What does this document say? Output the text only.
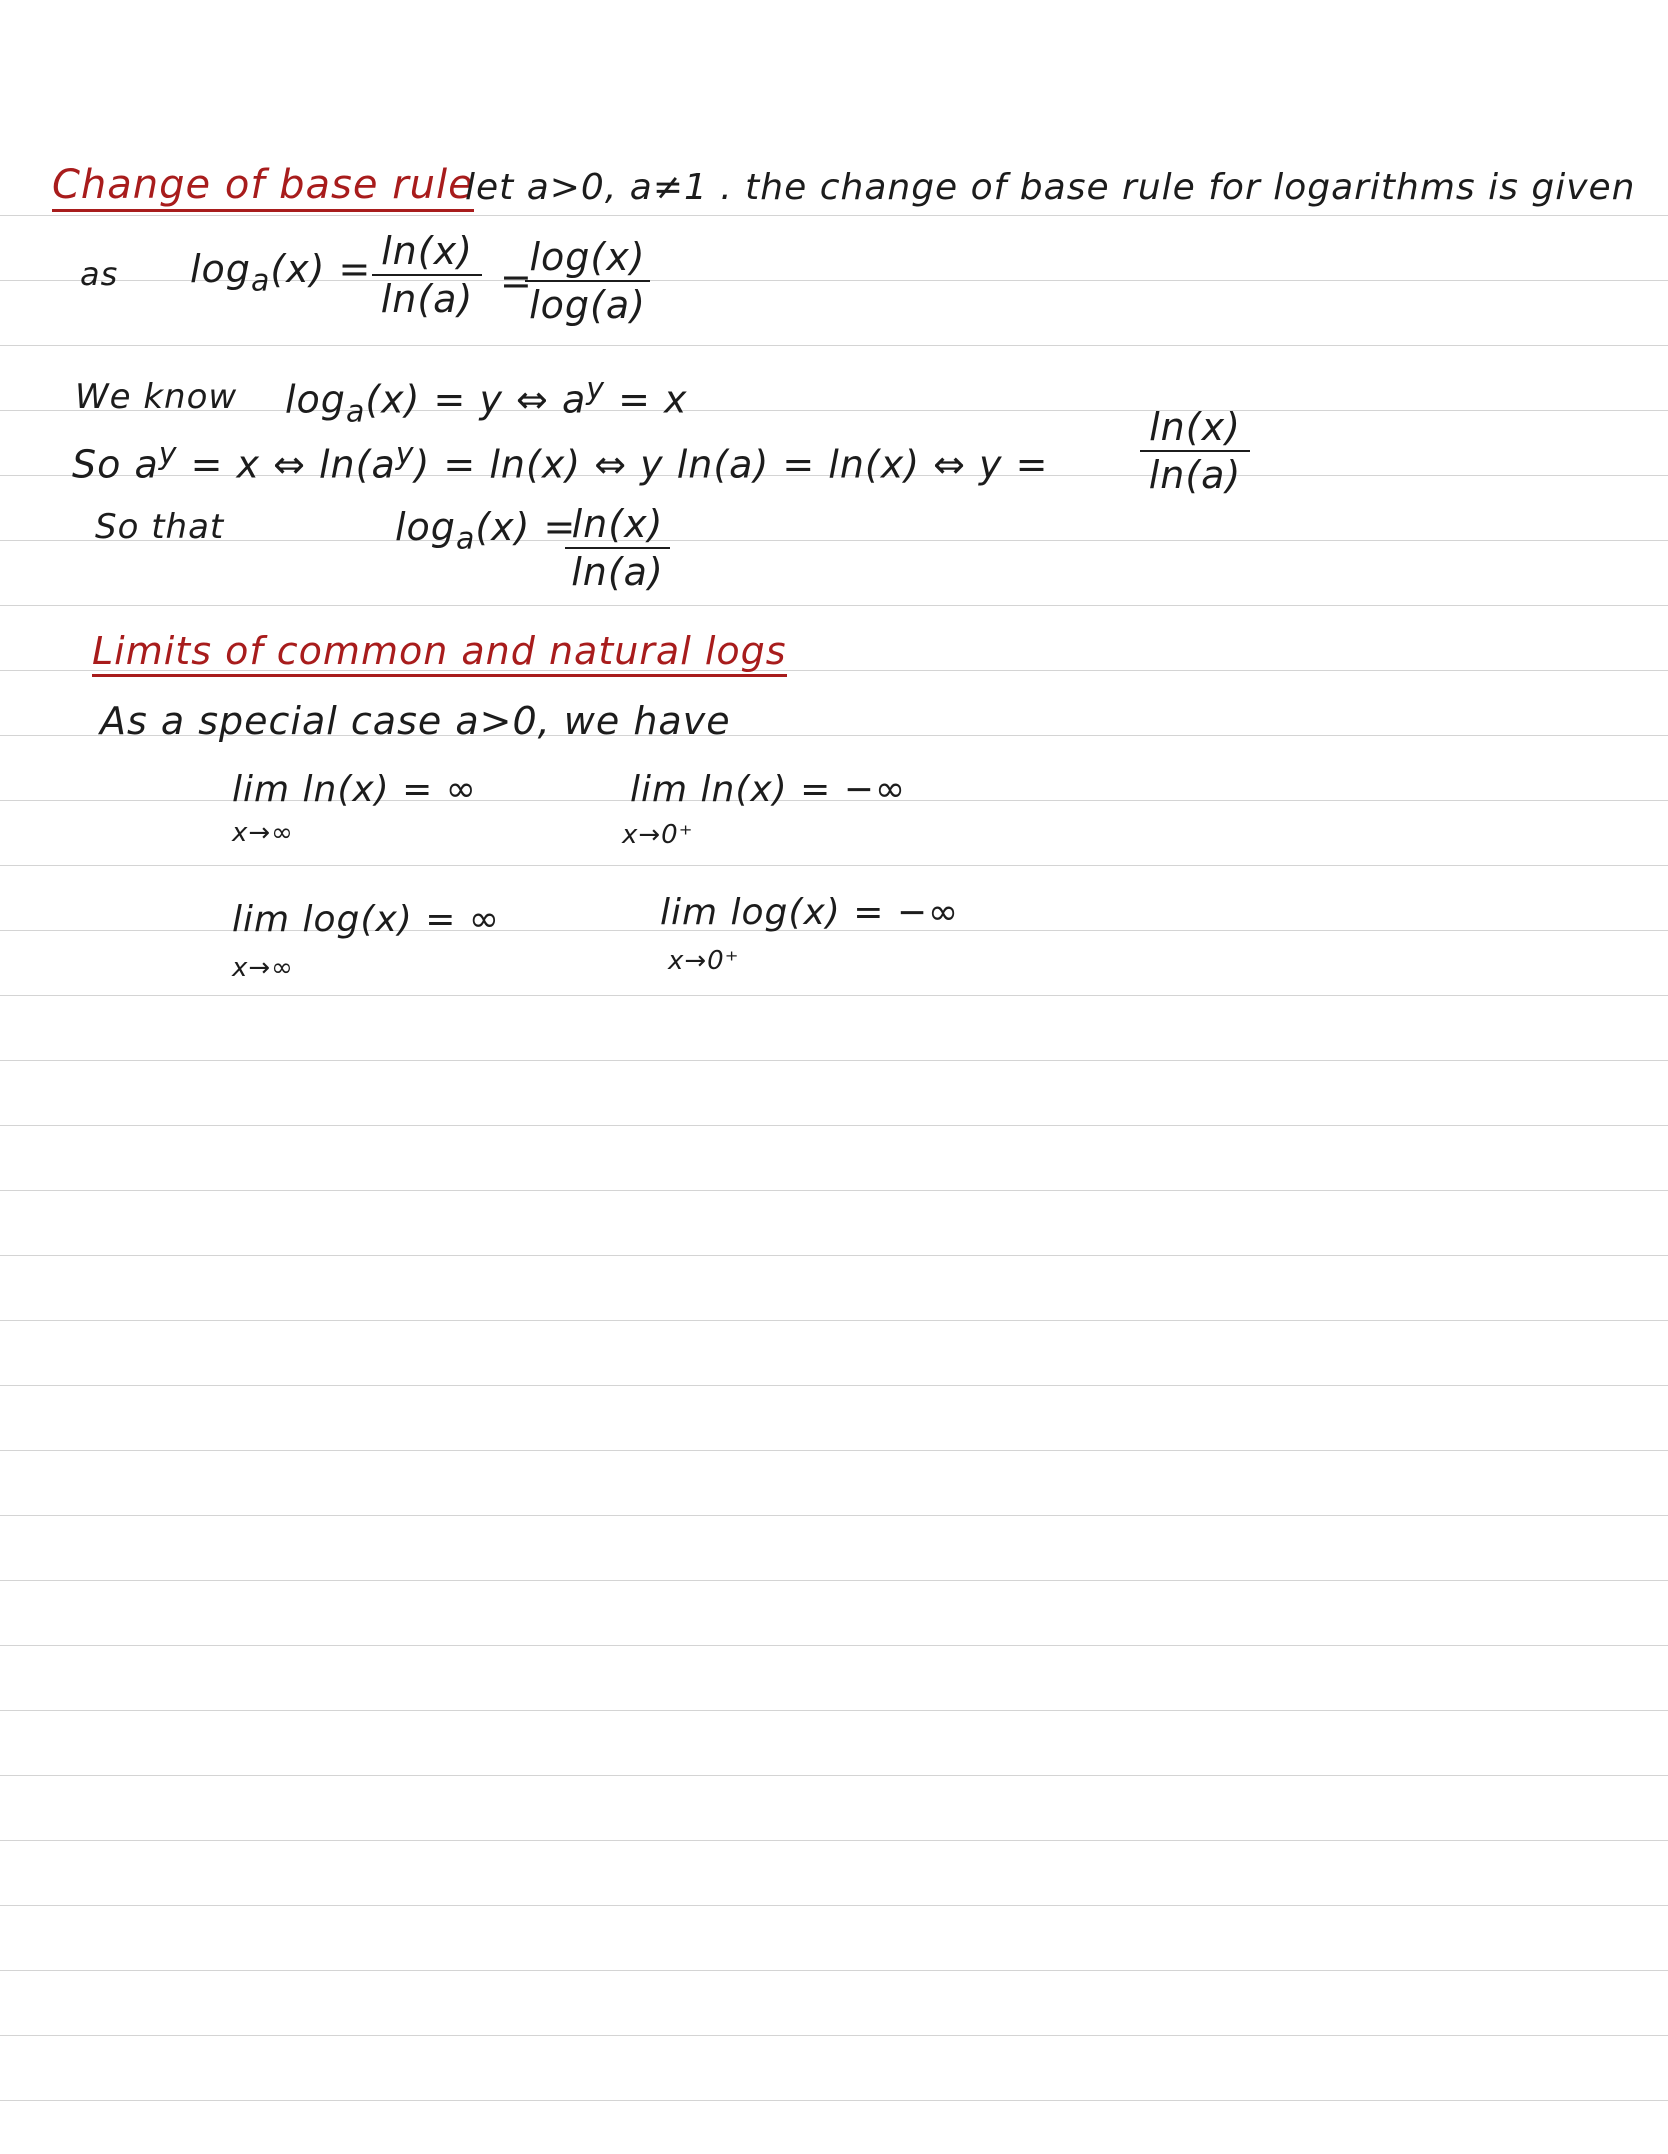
Change of base rule
let a>0, a≠1 . the change of base rule for logarithms is given
as $\log_a(x) = \ln(x)$
ln(a) =
log(x)
log(a)
We know $\log_a(x) = y$ ⇔ $a^y = x$
So $a^y = x$ ⇔ $\ln(a^y) = \ln(x)$ ⇔ y ln(a) = ln(x) ⇔ y =
ln(x)
ln(a)
So that	$\log_a(x)$ =
ln(x)
ln(a)
Limits of common and natural logs
As a special case a>0, we have
lim ln(x) = ∞
x→∞
lim ln(x) = −∞
x→0⁺
lim log(x) = ∞
x→∞
lim log(x) = −∞
x→0⁺
